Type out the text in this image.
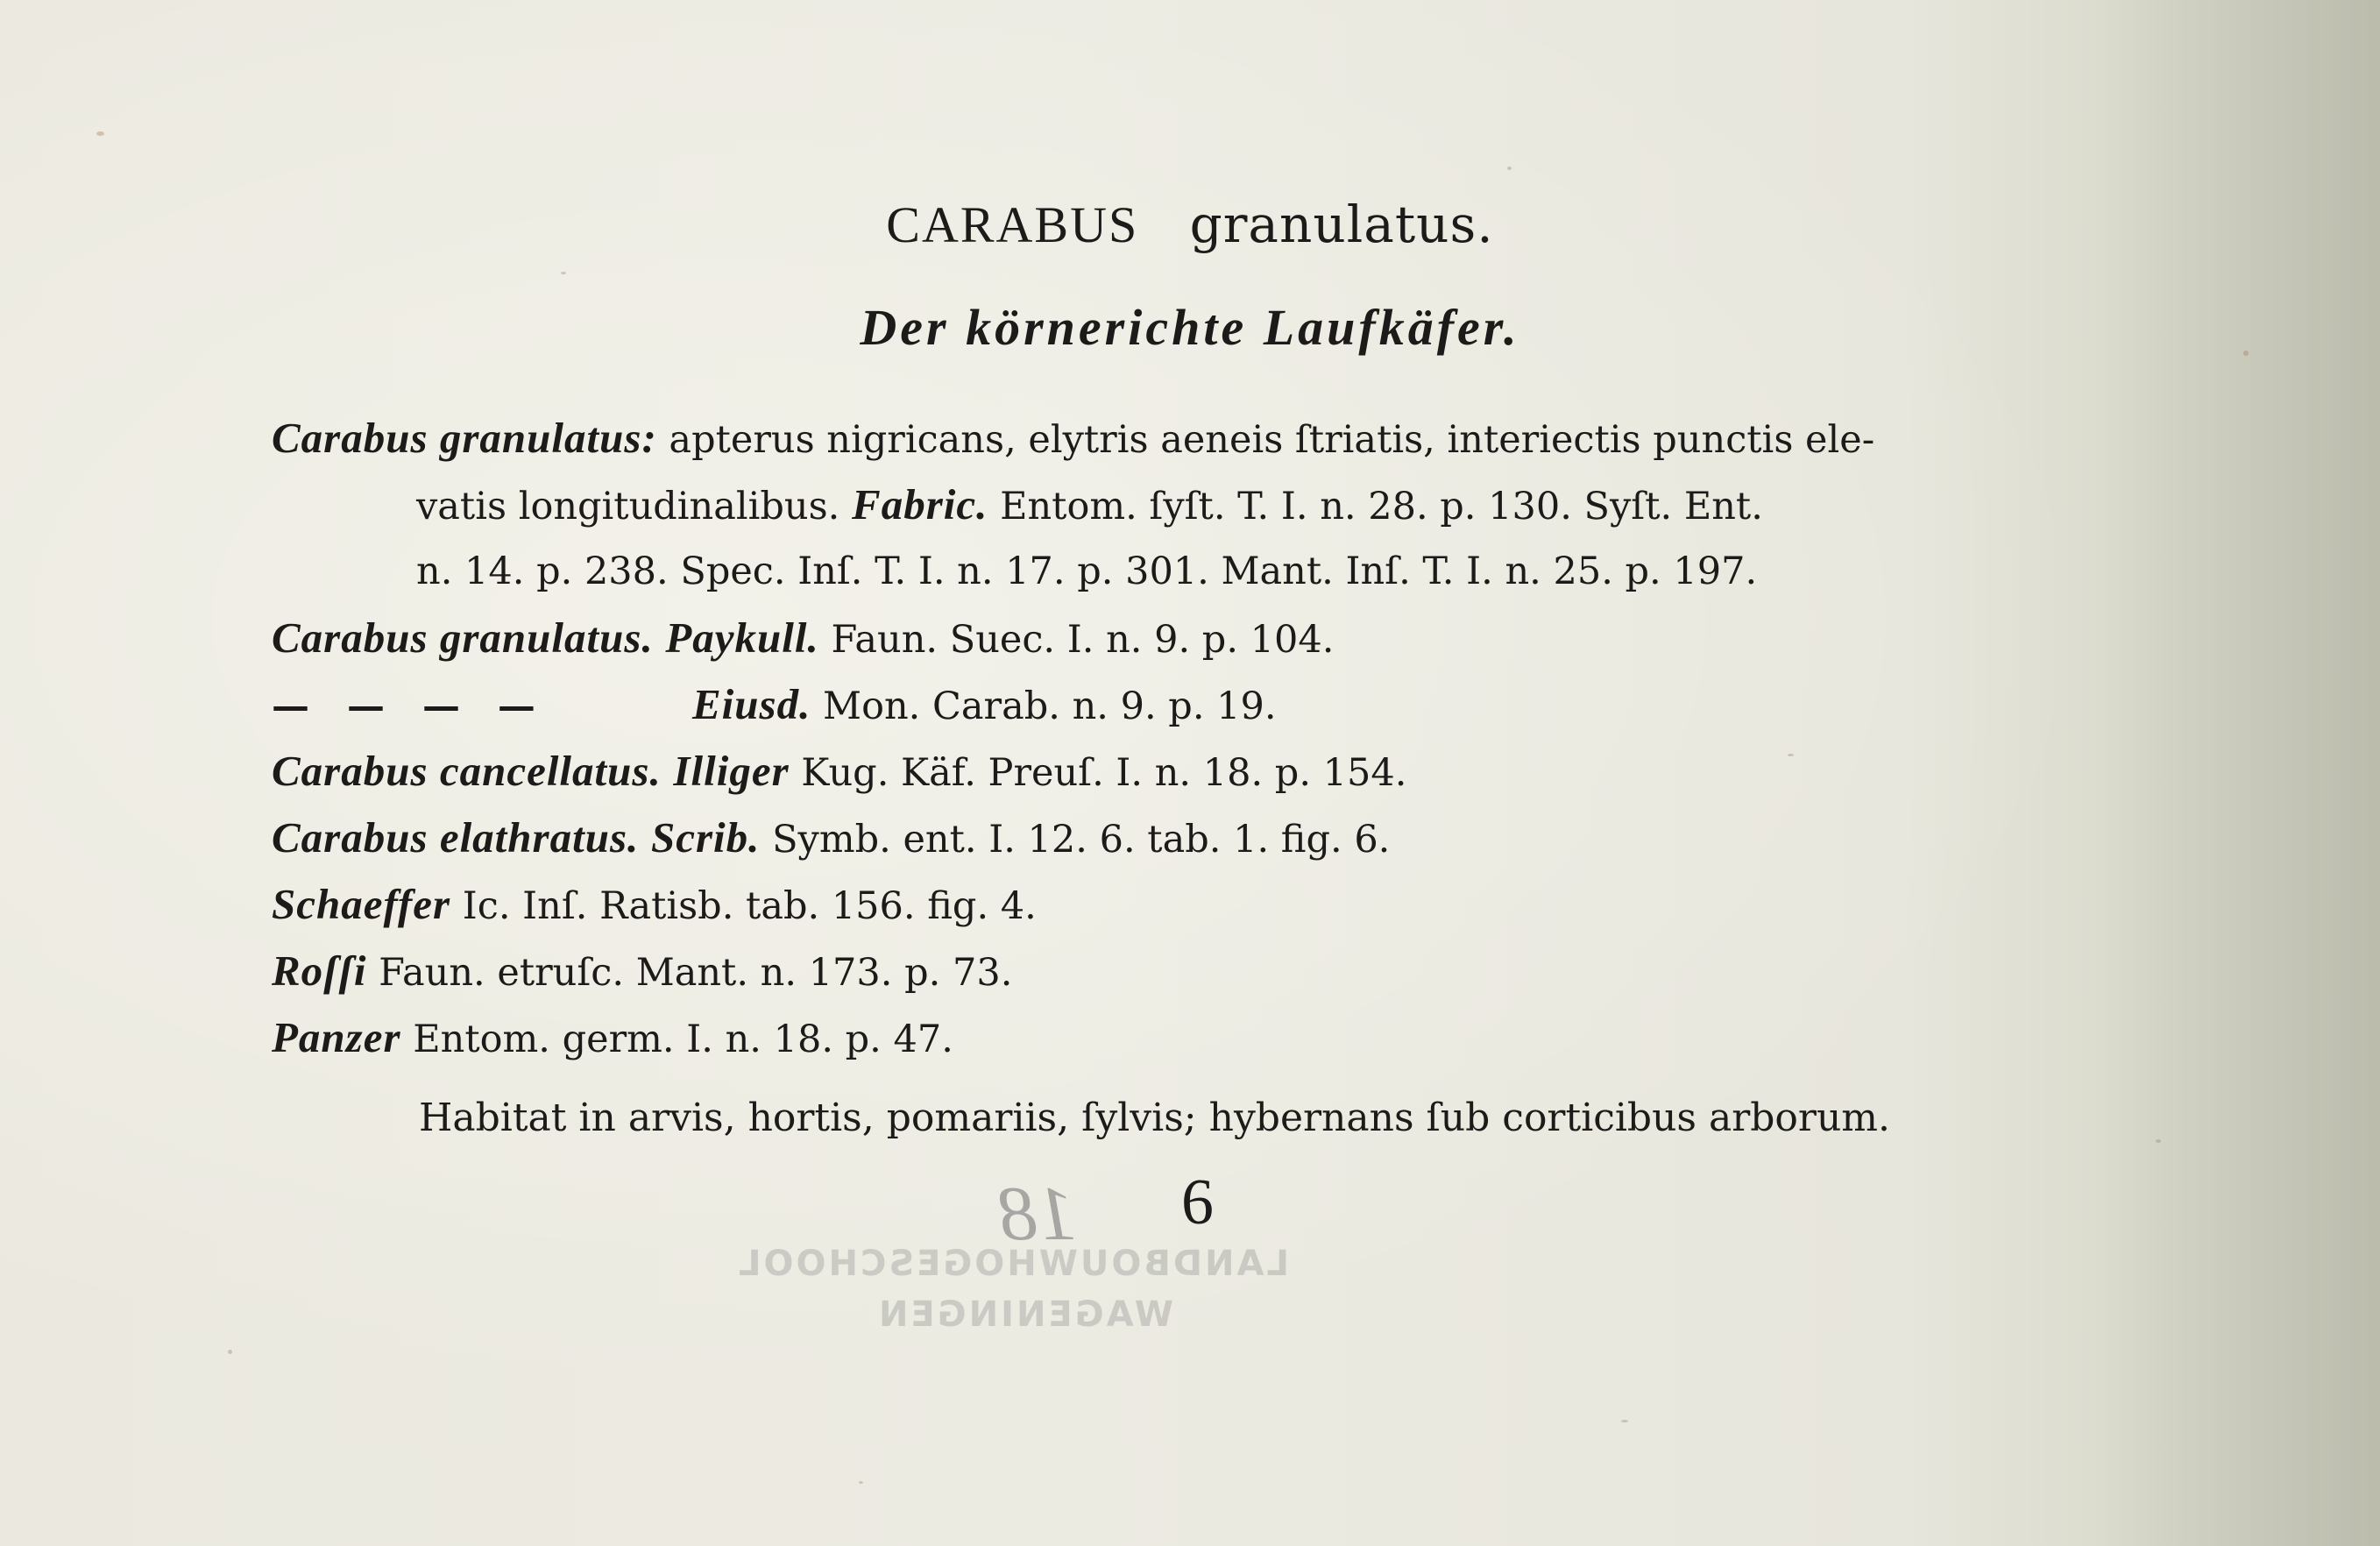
CARABUS granulatus.
Der körnerichte Laufkäfer.
Carabus granulatus: apterus nigricans, elytris aeneis ſtriatis, interiectis punctis ele-
vatis longitudinalibus. Fabric. Entom. ſyſt. T. I. n. 28. p. 130. Syſt. Ent.
n. 14. p. 238. Spec. Inſ. T. I. n. 17. p. 301. Mant. Inſ. T. I. n. 25. p. 197.
Carabus granulatus. Paykull. Faun. Suec. I. n. 9. p. 104.
— — — —	Eiusd. Mon. Carab. n. 9. p. 19.
Carabus cancellatus. Illiger Kug. Käf. Preuſ. I. n. 18. p. 154.
Carabus elathratus. Scrib. Symb. ent. I. 12. 6. tab. 1. fig. 6.
Schaeffer Ic. Inſ. Ratisb. tab. 156. fig. 4.
Roſſi Faun. etruſc. Mant. n. 173. p. 73.
Panzer Entom. germ. I. n. 18. p. 47.
Habitat in arvis, hortis, pomariis, ſylvis; hybernans ſub corticibus arborum.
18
LANDBOUWHOGESCHOOL
WAGENINGEN
6
